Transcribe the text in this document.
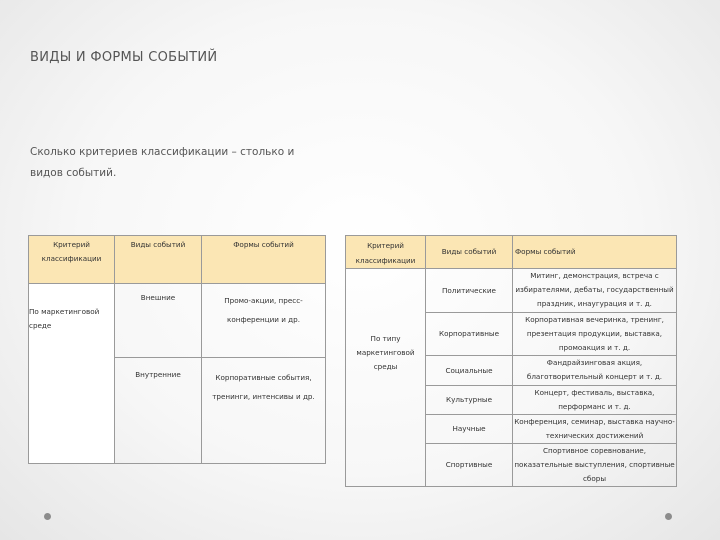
ВИДЫ И ФОРМЫ СОБЫТИЙ
Сколько критериев классификации – столько и видов событий.
Критерий классификации	Виды событий	Формы событий
По маркетинговой среде	Внешние	Промо-акции, пресс-конференции и др.
	Внутренние	Корпоративные события, тренинги, интенсивы и др.
Критерий классификации	Виды событий	Формы событий
По типу маркетинговой среды	Политические	Митинг, демонстрация, встреча с избирателями, дебаты, государственный праздник, инаугурация и т. д.
	Корпоративные	Корпоративная вечеринка, тренинг, презентация продукции, выставка, промоакция и т. д.
	Социальные	Фандрайзинговая акция, благотворительный концерт и т. д.
	Культурные	Концерт, фестиваль, выставка, перформанс и т. д.
	Научные	Конференция, семинар, выставка научно-технических достижений
	Спортивные	Спортивное соревнование, показательные выступления, спортивные сборы
